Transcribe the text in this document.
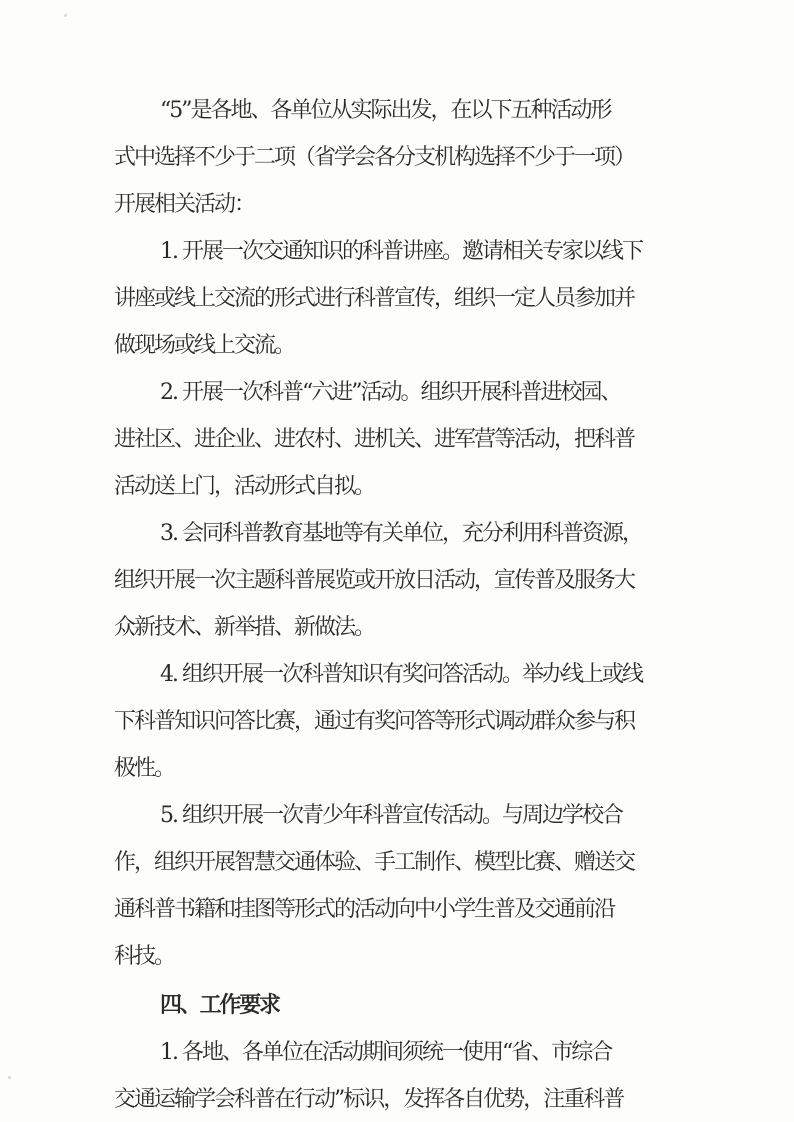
“5”是各地、各单位从实际出发，在以下五种活动形
式中选择不少于二项（省学会各分支机构选择不少于一项）
开展相关活动：
1. 开展一次交通知识的科普讲座。邀请相关专家以线下
讲座或线上交流的形式进行科普宣传，组织一定人员参加并
做现场或线上交流。
2. 开展一次科普“六进”活动。组织开展科普进校园、
进社区、进企业、进农村、进机关、进军营等活动，把科普
活动送上门，活动形式自拟。
3. 会同科普教育基地等有关单位，充分利用科普资源，
组织开展一次主题科普展览或开放日活动，宣传普及服务大
众新技术、新举措、新做法。
4. 组织开展一次科普知识有奖问答活动。举办线上或线
下科普知识问答比赛，通过有奖问答等形式调动群众参与积
极性。
5. 组织开展一次青少年科普宣传活动。与周边学校合
作，组织开展智慧交通体验、手工制作、模型比赛、赠送交
通科普书籍和挂图等形式的活动向中小学生普及交通前沿
科技。
四、工作要求
1. 各地、各单位在活动期间须统一使用“省、市综合
交通运输学会科普在行动”标识，发挥各自优势，注重科普
